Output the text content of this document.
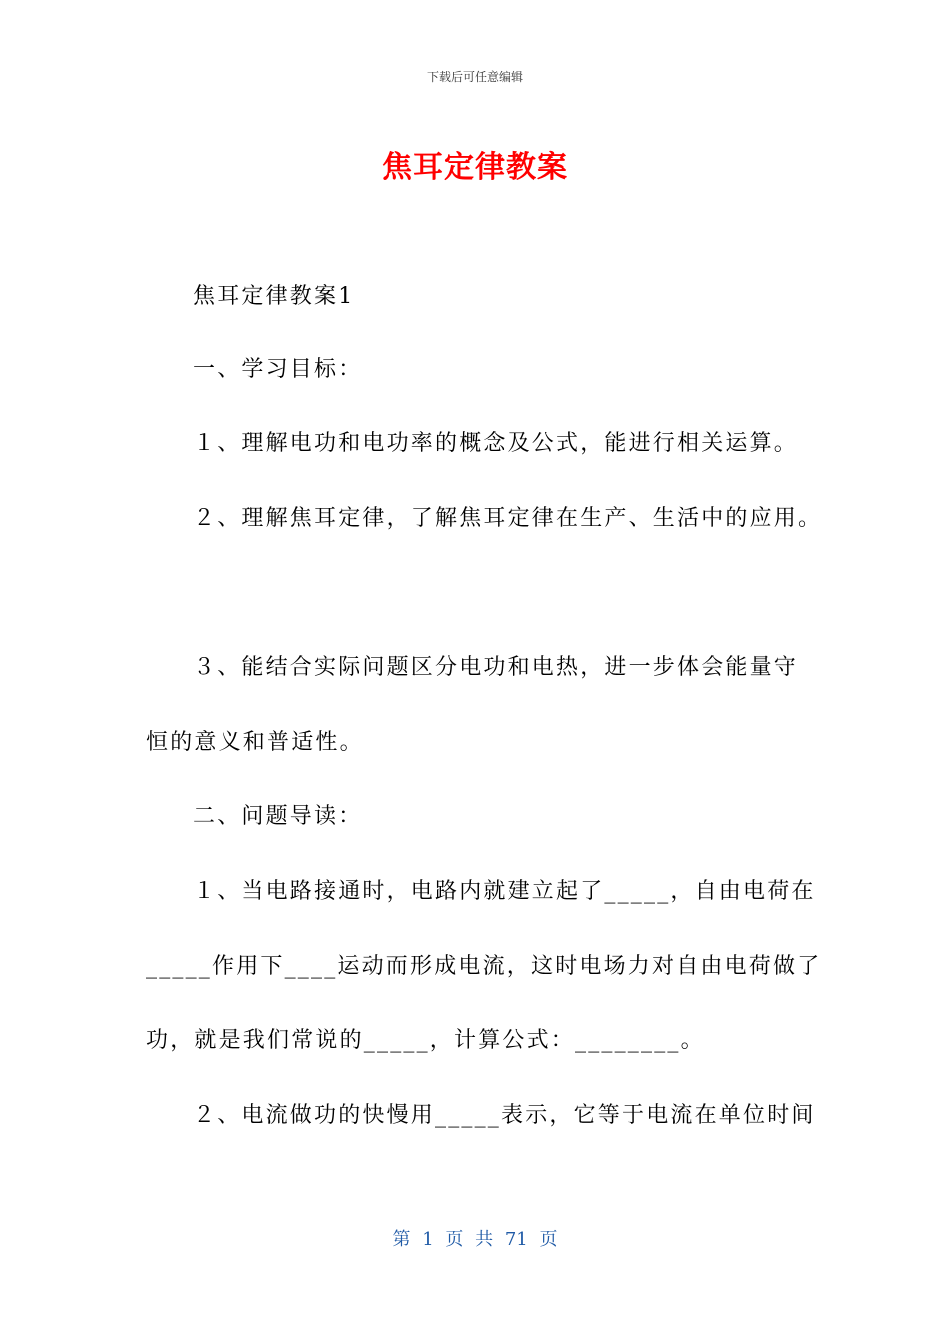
下载后可任意编辑
焦耳定律教案
焦耳定律教案1
一、学习目标：
１、理解电功和电功率的概念及公式，能进行相关运算。
２、理解焦耳定律，了解焦耳定律在生产、生活中的应用。
３、能结合实际问题区分电功和电热，进一步体会能量守
恒的意义和普适性。
二、问题导读：
１、当电路接通时，电路内就建立起了_____，自由电荷在
_____作用下____运动而形成电流，这时电场力对自由电荷做了
功，就是我们常说的_____，计算公式：________。
２、电流做功的快慢用_____表示，它等于电流在单位时间
第 1 页 共 71 页
